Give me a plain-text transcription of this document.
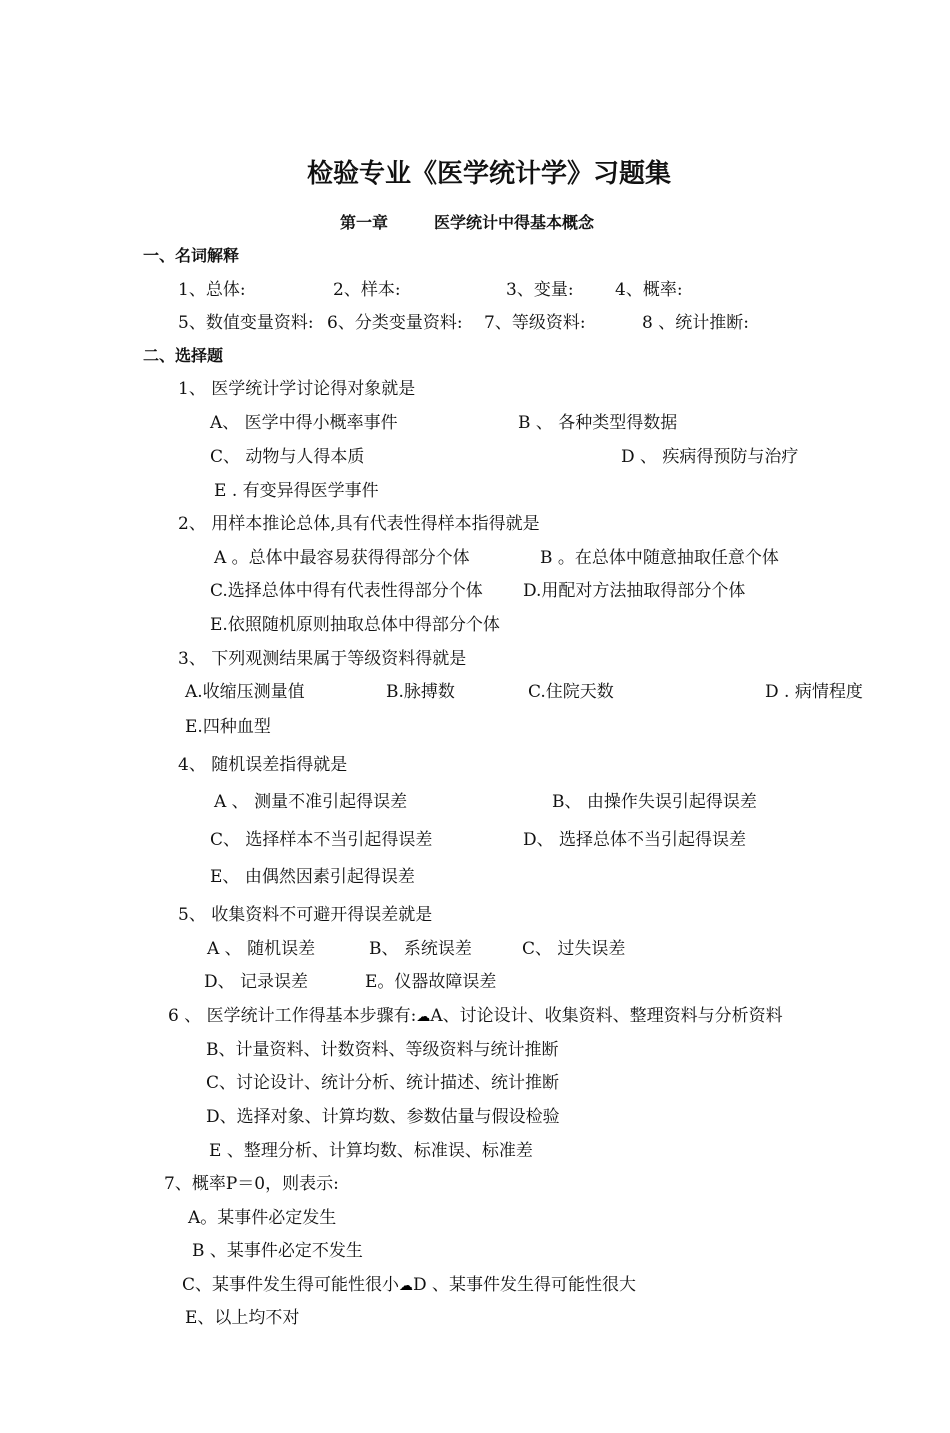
检验专业《医学统计学》习题集
第一章	医学统计中得基本概念
一、名词解释
1、总体:	2、样本:	3、变量: 4、概率:
5、数值变量资料: 6、分类变量资料: 7、等级资料:	8 、统计推断:
二、选择题
1、 医学统计学讨论得对象就是
A、 医学中得小概率事件	B 、 各种类型得数据
C、 动物与人得本质	D 、 疾病得预防与治疗
E . 有变异得医学事件
2、 用样本推论总体,具有代表性得样本指得就是
A 。总体中最容易获得得部分个体	B 。在总体中随意抽取任意个体
C.选择总体中得有代表性得部分个体 D.用配对方法抽取得部分个体
E.依照随机原则抽取总体中得部分个体
3、 下列观测结果属于等级资料得就是
A.收缩压测量值	B.脉搏数	C.住院天数	D . 病情程度
E.四种血型
4、 随机误差指得就是
A 、 测量不准引起得误差	B、 由操作失误引起得误差
C、 选择样本不当引起得误差	D、 选择总体不当引起得误差
E、 由偶然因素引起得误差
5、 收集资料不可避开得误差就是
A 、 随机误差	B、 系统误差	C、 过失误差
D、 记录误差	E。仪器故障误差
6 、 医学统计工作得基本步骤有:☁A、讨论设计、收集资料、整理资料与分析资料
B、计量资料、计数资料、等级资料与统计推断
C、讨论设计、统计分析、统计描述、统计推断
D、选择对象、计算均数、参数估量与假设检验
E 、整理分析、计算均数、标准误、标准差
7、概率P＝0，则表示:
A。某事件必定发生
B 、某事件必定不发生
C、某事件发生得可能性很小☁D 、某事件发生得可能性很大
E、以上均不对
